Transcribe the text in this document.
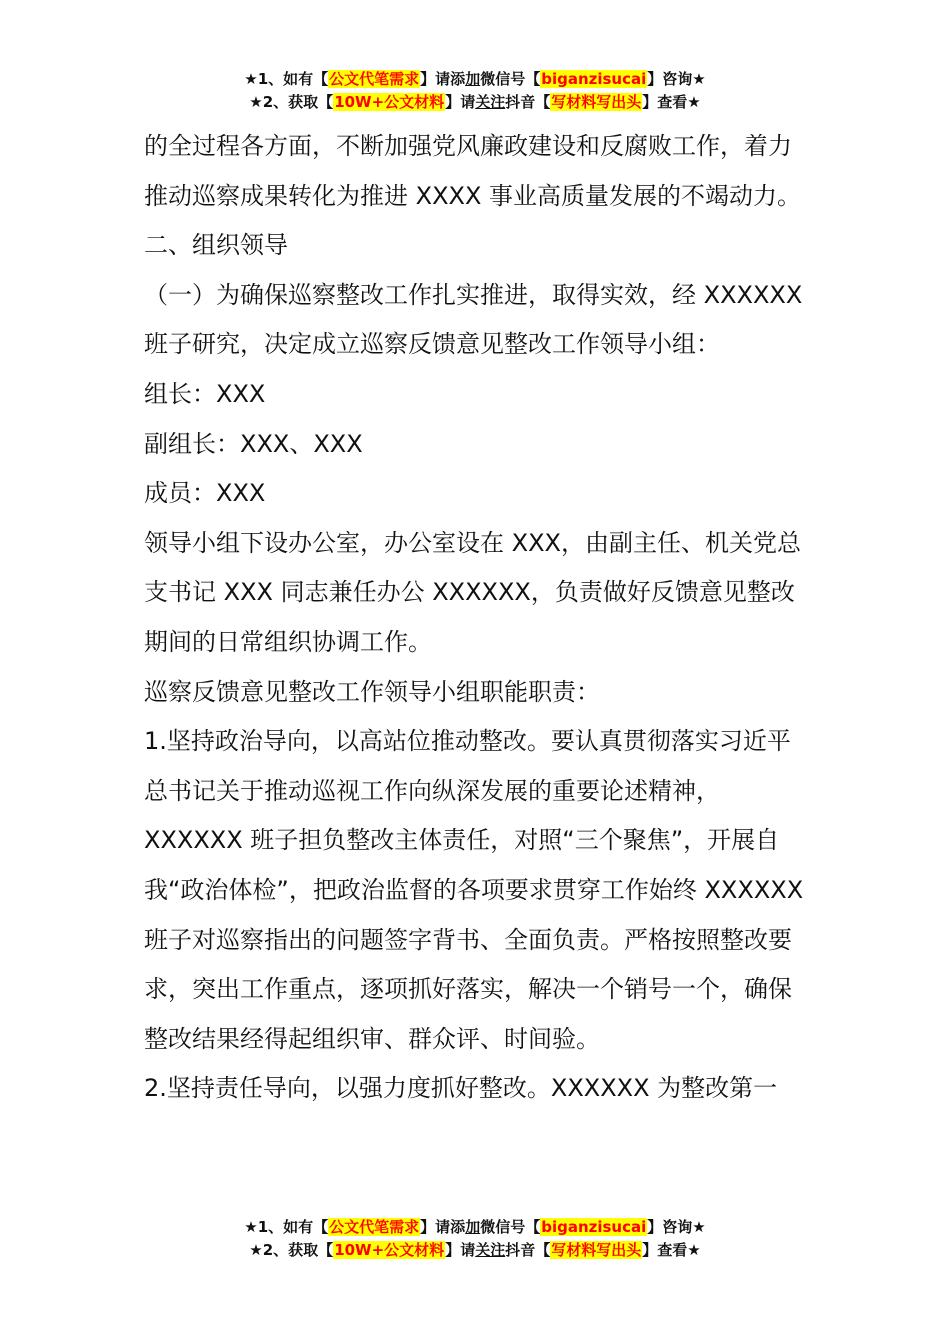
★1、如有【公文代笔需求】请添加微信号【biganzisucai】咨询★
★2、获取【10W+公文材料】请关注抖音【写材料写出头】查看★

的全过程各方面，不断加强党风廉政建设和反腐败工作，着力推动巡察成果转化为推进 XXXX 事业高质量发展的不竭动力。

二、组织领导

（一）为确保巡察整改工作扎实推进，取得实效，经 XXXXXX 班子研究，决定成立巡察反馈意见整改工作领导小组：

组长：XXX

副组长：XXX、XXX

成员：XXX

领导小组下设办公室，办公室设在 XXX，由副主任、机关党总支书记 XXX 同志兼任办公 XXXXXX，负责做好反馈意见整改期间的日常组织协调工作。

巡察反馈意见整改工作领导小组职能职责：

1.坚持政治导向，以高站位推动整改。要认真贯彻落实习近平总书记关于推动巡视工作向纵深发展的重要论述精神，XXXXXX 班子担负整改主体责任，对照“三个聚焦”，开展自我“政治体检”，把政治监督的各项要求贯穿工作始终 XXXXXX 班子对巡察指出的问题签字背书、全面负责。严格按照整改要求，突出工作重点，逐项抓好落实，解决一个销号一个，确保整改结果经得起组织审、群众评、时间验。

2.坚持责任导向，以强力度抓好整改。XXXXXX 为整改第一

★1、如有【公文代笔需求】请添加微信号【biganzisucai】咨询★
★2、获取【10W+公文材料】请关注抖音【写材料写出头】查看★
